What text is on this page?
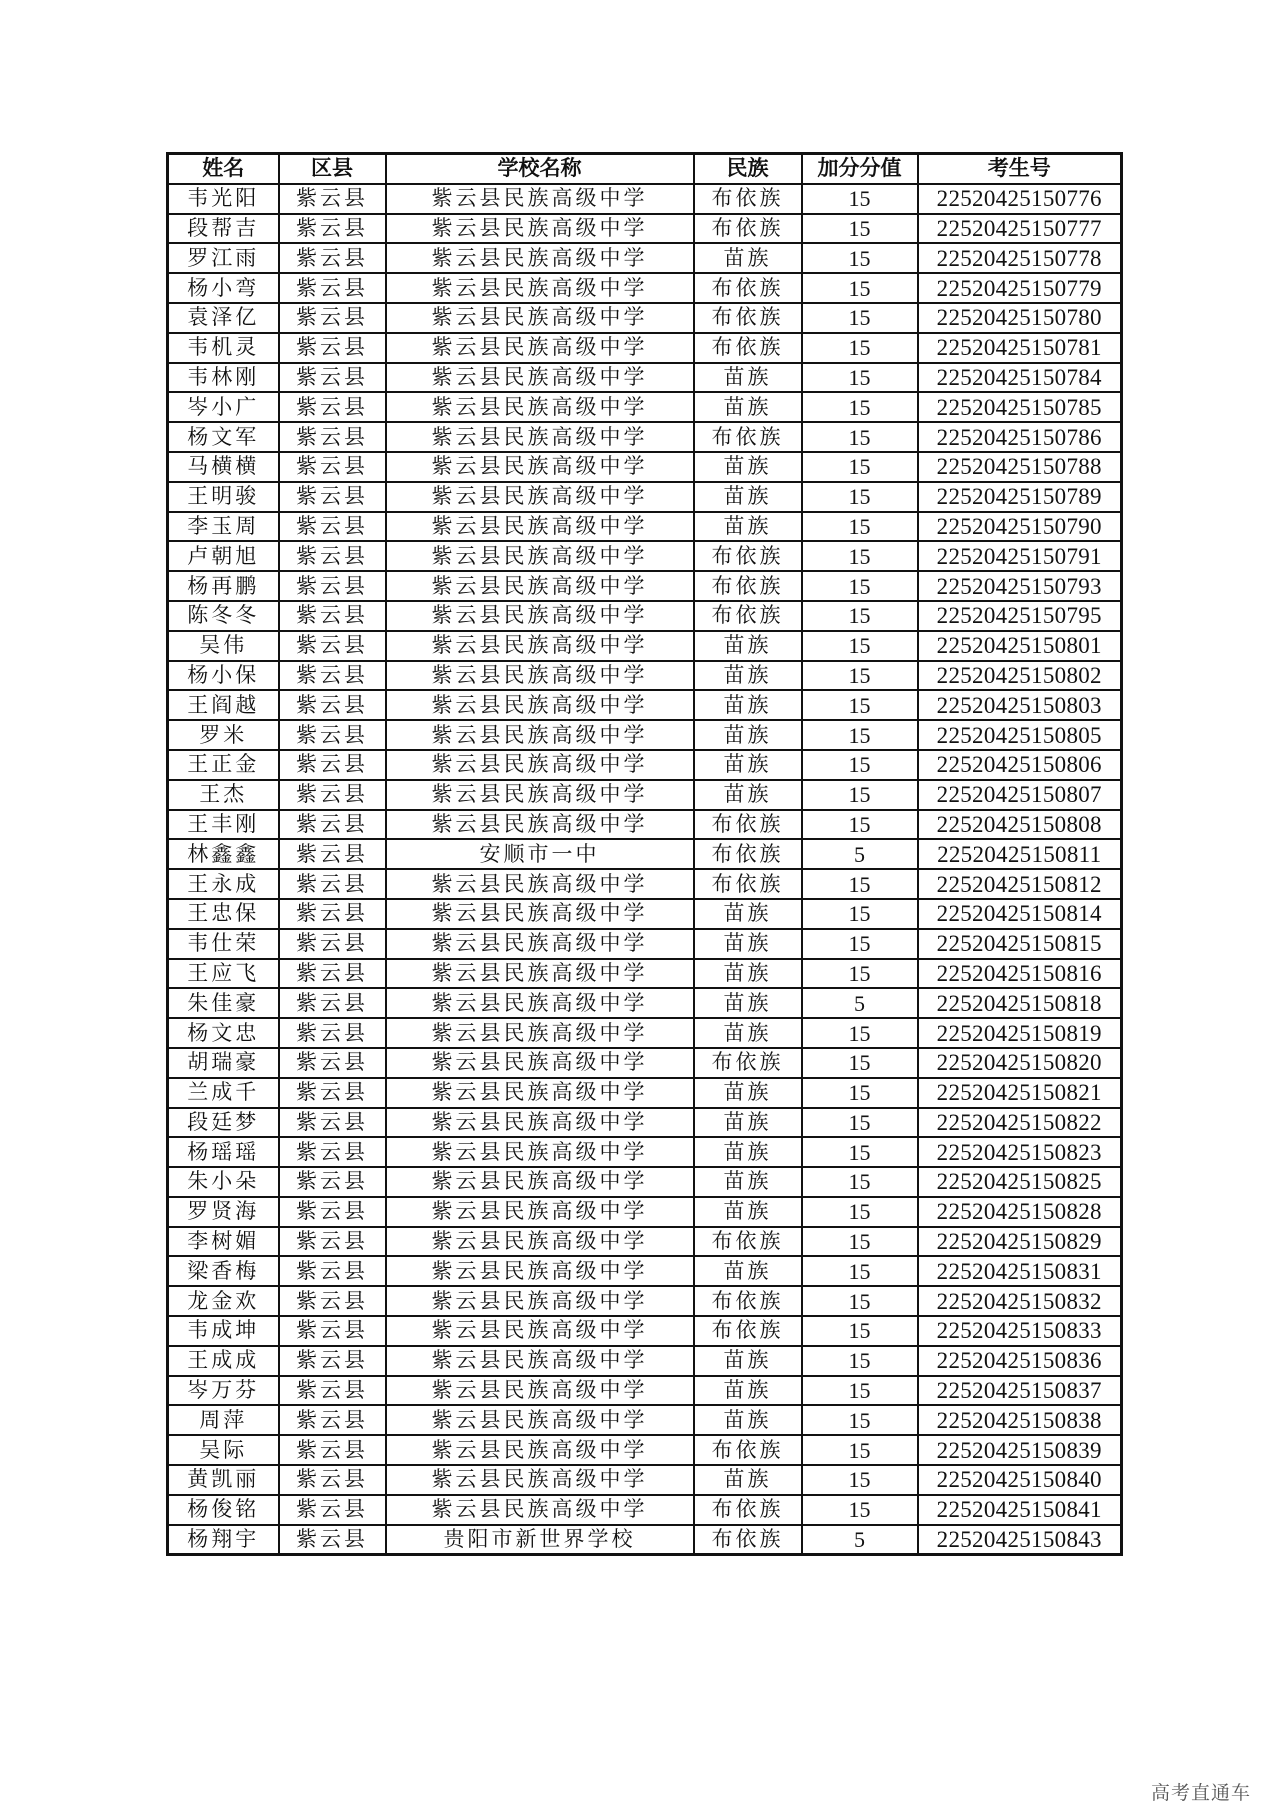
姓名	区县	学校名称	民族	加分分值	考生号
韦光阳	紫云县	紫云县民族高级中学	布依族	15	22520425150776
段帮吉	紫云县	紫云县民族高级中学	布依族	15	22520425150777
罗江雨	紫云县	紫云县民族高级中学	苗族	15	22520425150778
杨小弯	紫云县	紫云县民族高级中学	布依族	15	22520425150779
袁泽亿	紫云县	紫云县民族高级中学	布依族	15	22520425150780
韦机灵	紫云县	紫云县民族高级中学	布依族	15	22520425150781
韦林刚	紫云县	紫云县民族高级中学	苗族	15	22520425150784
岑小广	紫云县	紫云县民族高级中学	苗族	15	22520425150785
杨文军	紫云县	紫云县民族高级中学	布依族	15	22520425150786
马横横	紫云县	紫云县民族高级中学	苗族	15	22520425150788
王明骏	紫云县	紫云县民族高级中学	苗族	15	22520425150789
李玉周	紫云县	紫云县民族高级中学	苗族	15	22520425150790
卢朝旭	紫云县	紫云县民族高级中学	布依族	15	22520425150791
杨再鹏	紫云县	紫云县民族高级中学	布依族	15	22520425150793
陈冬冬	紫云县	紫云县民族高级中学	布依族	15	22520425150795
吴伟	紫云县	紫云县民族高级中学	苗族	15	22520425150801
杨小保	紫云县	紫云县民族高级中学	苗族	15	22520425150802
王阎越	紫云县	紫云县民族高级中学	苗族	15	22520425150803
罗米	紫云县	紫云县民族高级中学	苗族	15	22520425150805
王正金	紫云县	紫云县民族高级中学	苗族	15	22520425150806
王杰	紫云县	紫云县民族高级中学	苗族	15	22520425150807
王丰刚	紫云县	紫云县民族高级中学	布依族	15	22520425150808
林鑫鑫	紫云县	安顺市一中	布依族	5	22520425150811
王永成	紫云县	紫云县民族高级中学	布依族	15	22520425150812
王忠保	紫云县	紫云县民族高级中学	苗族	15	22520425150814
韦仕荣	紫云县	紫云县民族高级中学	苗族	15	22520425150815
王应飞	紫云县	紫云县民族高级中学	苗族	15	22520425150816
朱佳豪	紫云县	紫云县民族高级中学	苗族	5	22520425150818
杨文忠	紫云县	紫云县民族高级中学	苗族	15	22520425150819
胡瑞豪	紫云县	紫云县民族高级中学	布依族	15	22520425150820
兰成千	紫云县	紫云县民族高级中学	苗族	15	22520425150821
段廷梦	紫云县	紫云县民族高级中学	苗族	15	22520425150822
杨瑶瑶	紫云县	紫云县民族高级中学	苗族	15	22520425150823
朱小朵	紫云县	紫云县民族高级中学	苗族	15	22520425150825
罗贤海	紫云县	紫云县民族高级中学	苗族	15	22520425150828
李树媚	紫云县	紫云县民族高级中学	布依族	15	22520425150829
梁香梅	紫云县	紫云县民族高级中学	苗族	15	22520425150831
龙金欢	紫云县	紫云县民族高级中学	布依族	15	22520425150832
韦成坤	紫云县	紫云县民族高级中学	布依族	15	22520425150833
王成成	紫云县	紫云县民族高级中学	苗族	15	22520425150836
岑万芬	紫云县	紫云县民族高级中学	苗族	15	22520425150837
周萍	紫云县	紫云县民族高级中学	苗族	15	22520425150838
吴际	紫云县	紫云县民族高级中学	布依族	15	22520425150839
黄凯丽	紫云县	紫云县民族高级中学	苗族	15	22520425150840
杨俊铭	紫云县	紫云县民族高级中学	布依族	15	22520425150841
杨翔宇	紫云县	贵阳市新世界学校	布依族	5	22520425150843
高考直通车
